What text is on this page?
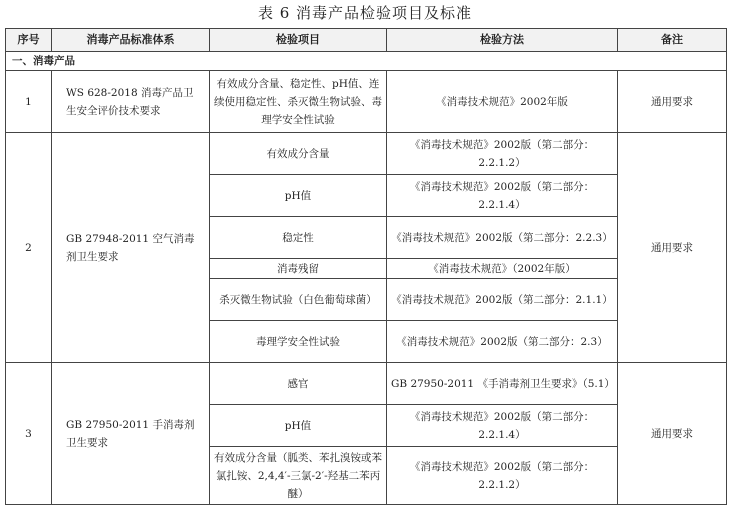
表 6 消毒产品检验项目及标准
序号	消毒产品标准体系	检验项目	检验方法	备注
一、消毒产品				
1	WS 628-2018 消毒产品卫生安全评价技术要求	有效成分含量、稳定性、pH值、连续使用稳定性、杀灭微生物试验、毒理学安全性试验	《消毒技术规范》2002年版	通用要求
2	GB 27948-2011 空气消毒剂卫生要求	有效成分含量	《消毒技术规范》2002版（第二部分：2.2.1.2）	通用要求
		pH值	《消毒技术规范》2002版（第二部分：2.2.1.4）	
		稳定性	《消毒技术规范》2002版（第二部分：2.2.3）	
		消毒残留	《消毒技术规范》（2002年版）	
		杀灭微生物试验（白色葡萄球菌）	《消毒技术规范》2002版（第二部分：2.1.1）	
		毒理学安全性试验	《消毒技术规范》2002版（第二部分：2.3）	
3	GB 27950-2011 手消毒剂卫生要求	感官	GB 27950-2011 《手消毒剂卫生要求》（5.1）	通用要求
		pH值	《消毒技术规范》2002版（第二部分：2.2.1.4）	
		有效成分含量（胍类、苯扎溴铵或苯氯扎铵、2,4,4′-三氯-2′-羟基二苯丙醚）	《消毒技术规范》2002版（第二部分：2.2.1.2）	
